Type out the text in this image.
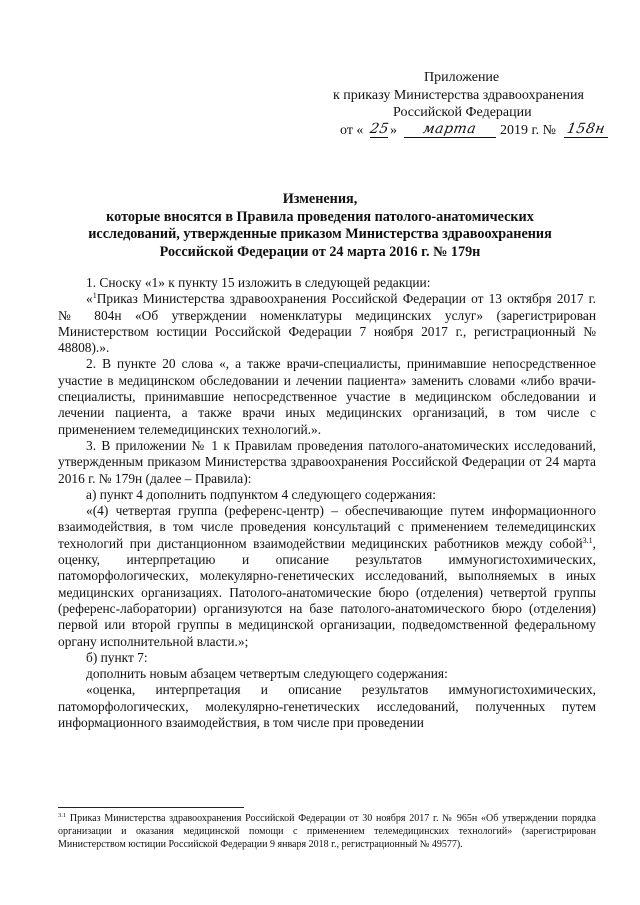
Приложение
к приказу Министерства здравоохранения
Российской Федерации
от « 25 »	марта	2019 г. № 158н
Изменения,
которые вносятся в Правила проведения патолого-анатомических исследований, утвержденные приказом Министерства здравоохранения Российской Федерации от 24 марта 2016 г. № 179н

1. Сноску «1» к пункту 15 изложить в следующей редакции:

«$^1$Приказ Министерства здравоохранения Российской Федерации от 13 октября 2017 г. № 804н «Об утверждении номенклатуры медицинских услуг» (зарегистрирован Министерством юстиции Российской Федерации 7 ноября 2017 г., регистрационный № 48808).».

2. В пункте 20 слова «, а также врачи-специалисты, принимавшие непосредственное участие в медицинском обследовании и лечении пациента» заменить словами «либо врачи-специалисты, принимавшие непосредственное участие в медицинском обследовании и лечении пациента, а также врачи иных медицинских организаций, в том числе с применением телемедицинских технологий.».

3. В приложении № 1 к Правилам проведения патолого-анатомических исследований, утвержденным приказом Министерства здравоохранения Российской Федерации от 24 марта 2016 г. № 179н (далее – Правила):

а) пункт 4 дополнить подпунктом 4 следующего содержания:

«(4) четвертая группа (референс-центр) – обеспечивающие путем информационного взаимодействия, в том числе проведения консультаций с применением телемедицинских технологий при дистанционном взаимодействии медицинских работников между собой$^{3.1}$, оценку, интерпретацию и описание результатов иммуногистохимических, патоморфологических, молекулярно-генетических исследований, выполняемых в иных медицинских организациях. Патолого-анатомические бюро (отделения) четвертой группы (референс-лаборатории) организуются на базе патолого-анатомического бюро (отделения) первой или второй группы в медицинской организации, подведомственной федеральному органу исполнительной власти.»;

б) пункт 7:

дополнить новым абзацем четвертым следующего содержания:

«оценка, интерпретация и описание результатов иммуногистохимических, патоморфологических, молекулярно-генетических исследований, полученных путем информационного взаимодействия, в том числе при проведении

$^{3.1}$ Приказ Министерства здравоохранения Российской Федерации от 30 ноября 2017 г. № 965н «Об утверждении порядка организации и оказания медицинской помощи с применением телемедицинских технологий» (зарегистрирован Министерством юстиции Российской Федерации 9 января 2018 г., регистрационный № 49577).
